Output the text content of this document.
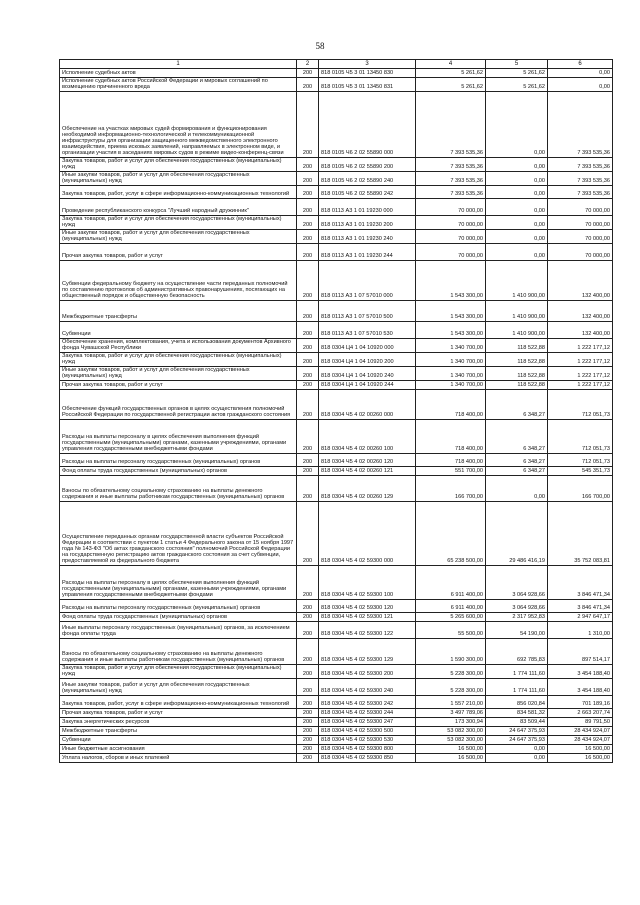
58
1	2	3	4	5	6
Исполнение судебных актов	200	818 0105 Ч5 3 01 13450 830	5 261,62	5 261,62	0,00
Исполнение судебных актов Российской Федерации и мировых соглашений по возмещению причиненного вреда	200	818 0105 Ч5 3 01 13450 831	5 261,62	5 261,62	0,00
Обеспечение на участках мировых судей формирования и функционирования необходимой информационно-технологической и телекоммуникационной инфраструктуры для организации защищенного межведомственного электронного взаимодействия, приема исковых заявлений, направляемых в электронном виде, и организации участия в заседаниях мировых судов в режиме видео-конференц-связи	200	818 0105 Ч6 2 02 55890 000	7 393 535,36	0,00	7 393 535,36
Закупка товаров, работ и услуг для обеспечения государственных (муниципальных) нужд	200	818 0105 Ч6 2 02 55890 200	7 393 535,36	0,00	7 393 535,36
Иные закупки товаров, работ и услуг для обеспечения государственных (муниципальных) нужд	200	818 0105 Ч6 2 02 55890 240	7 393 535,36	0,00	7 393 535,36
Закупка товаров, работ, услуг в сфере информационно-коммуникационных технологий	200	818 0105 Ч6 2 02 55890 242	7 393 535,36	0,00	7 393 535,36
Проведение республиканского конкурса "Лучший народный дружинник"	200	818 0113 А3 1 01 19230 000	70 000,00	0,00	70 000,00
Закупка товаров, работ и услуг для обеспечения государственных (муниципальных) нужд	200	818 0113 А3 1 01 19230 200	70 000,00	0,00	70 000,00
Иные закупки товаров, работ и услуг для обеспечения государственных (муниципальных) нужд	200	818 0113 А3 1 01 19230 240	70 000,00	0,00	70 000,00
Прочая закупка товаров, работ и услуг	200	818 0113 А3 1 01 19230 244	70 000,00	0,00	70 000,00
Субвенции федеральному бюджету на осуществление части переданных полномочий по составлению протоколов об административных правонарушениях, посягающих на общественный порядок и общественную безопасность	200	818 0113 А3 1 07 57010 000	1 543 300,00	1 410 900,00	132 400,00
Межбюджетные трансферты	200	818 0113 А3 1 07 57010 500	1 543 300,00	1 410 900,00	132 400,00
Субвенции	200	818 0113 А3 1 07 57010 530	1 543 300,00	1 410 900,00	132 400,00
Обеспечение хранения, комплектования, учета и использования документов Архивного фонда Чувашской Республики	200	818 0304 Ц4 1 04 10920 000	1 340 700,00	118 522,88	1 222 177,12
Закупка товаров, работ и услуг для обеспечения государственных (муниципальных) нужд	200	818 0304 Ц4 1 04 10920 200	1 340 700,00	118 522,88	1 222 177,12
Иные закупки товаров, работ и услуг для обеспечения государственных (муниципальных) нужд	200	818 0304 Ц4 1 04 10920 240	1 340 700,00	118 522,88	1 222 177,12
Прочая закупка товаров, работ и услуг	200	818 0304 Ц4 1 04 10920 244	1 340 700,00	118 522,88	1 222 177,12
Обеспечение функций государственных органов в целях осуществления полномочий Российской Федерации по государственной регистрации актов гражданского состояния	200	818 0304 Ч5 4 02 00260 000	718 400,00	6 348,27	712 051,73
Расходы на выплаты персоналу в целях обеспечения выполнения функций государственными (муниципальными) органами, казенными учреждениями, органами управления государственными внебюджетными фондами	200	818 0304 Ч5 4 02 00260 100	718 400,00	6 348,27	712 051,73
Расходы на выплаты персоналу государственных (муниципальных) органов	200	818 0304 Ч5 4 02 00260 120	718 400,00	6 348,27	712 051,73
Фонд оплаты труда государственных (муниципальных) органов	200	818 0304 Ч5 4 02 00260 121	551 700,00	6 348,27	545 351,73
Взносы по обязательному социальному страхованию на выплаты денежного содержания и иные выплаты работникам государственных (муниципальных) органов	200	818 0304 Ч5 4 02 00260 129	166 700,00	0,00	166 700,00
Осуществление переданных органам государственной власти субъектов Российской Федерации в соответствии с пунктом 1 статьи 4 Федерального закона от 15 ноября 1997 года № 143-ФЗ "Об актах гражданского состояния" полномочий Российской Федерации на государственную регистрацию актов гражданского состояния за счет субвенции, предоставляемой из федерального бюджета	200	818 0304 Ч5 4 02 59300 000	65 238 500,00	29 486 416,19	35 752 083,81
Расходы на выплаты персоналу в целях обеспечения выполнения функций государственными (муниципальными) органами, казенными учреждениями, органами управления государственными внебюджетными фондами	200	818 0304 Ч5 4 02 59300 100	6 911 400,00	3 064 928,66	3 846 471,34
Расходы на выплаты персоналу государственных (муниципальных) органов	200	818 0304 Ч5 4 02 59300 120	6 911 400,00	3 064 928,66	3 846 471,34
Фонд оплаты труда государственных (муниципальных) органов	200	818 0304 Ч5 4 02 59300 121	5 265 600,00	2 317 952,83	2 947 647,17
Иные выплаты персоналу государственных (муниципальных) органов, за исключением фонда оплаты труда	200	818 0304 Ч5 4 02 59300 122	55 500,00	54 190,00	1 310,00
Взносы по обязательному социальному страхованию на выплаты денежного содержания и иные выплаты работникам государственных (муниципальных) органов	200	818 0304 Ч5 4 02 59300 129	1 590 300,00	692 785,83	897 514,17
Закупка товаров, работ и услуг для обеспечения государственных (муниципальных) нужд	200	818 0304 Ч5 4 02 59300 200	5 228 300,00	1 774 111,60	3 454 188,40
Иные закупки товаров, работ и услуг для обеспечения государственных (муниципальных) нужд	200	818 0304 Ч5 4 02 59300 240	5 228 300,00	1 774 111,60	3 454 188,40
Закупка товаров, работ, услуг в сфере информационно-коммуникационных технологий	200	818 0304 Ч5 4 02 59300 242	1 557 210,00	856 020,84	701 189,16
Прочая закупка товаров, работ и услуг	200	818 0304 Ч5 4 02 59300 244	3 497 789,06	834 581,32	2 663 207,74
Закупка энергетических ресурсов	200	818 0304 Ч5 4 02 59300 247	173 300,94	83 509,44	89 791,50
Межбюджетные трансферты	200	818 0304 Ч5 4 02 59300 500	53 082 300,00	24 647 375,93	28 434 924,07
Субвенции	200	818 0304 Ч5 4 02 59300 530	53 082 300,00	24 647 375,93	28 434 924,07
Иные бюджетные ассигнования	200	818 0304 Ч5 4 02 59300 800	16 500,00	0,00	16 500,00
Уплата налогов, сборов и иных платежей	200	818 0304 Ч5 4 02 59300 850	16 500,00	0,00	16 500,00
